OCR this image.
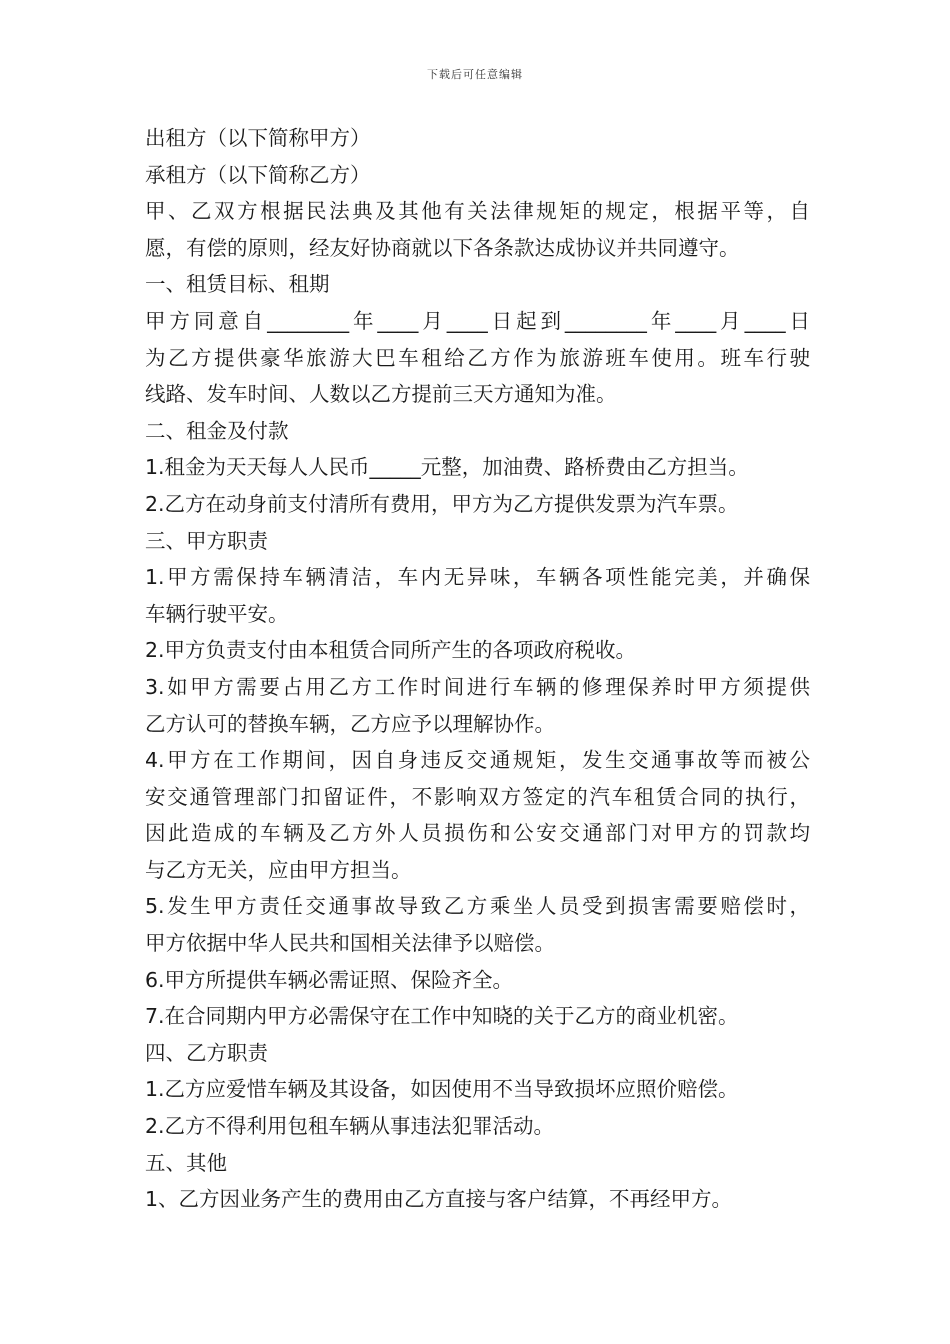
下载后可任意编辑
出租方（以下简称甲方）
承租方（以下简称乙方）
甲、乙双方根据民法典及其他有关法律规矩的规定，根据平等，自
愿，有偿的原则，经友好协商就以下各条款达成协议并共同遵守。
一、租赁目标、租期
甲方同意自________年____月____日起到________年____月____日
为乙方提供豪华旅游大巴车租给乙方作为旅游班车使用。班车行驶
线路、发车时间、人数以乙方提前三天方通知为准。
二、租金及付款
1.租金为天天每人人民币_____元整，加油费、路桥费由乙方担当。
2.乙方在动身前支付清所有费用，甲方为乙方提供发票为汽车票。
三、甲方职责
1.甲方需保持车辆清洁，车内无异味，车辆各项性能完美，并确保
车辆行驶平安。
2.甲方负责支付由本租赁合同所产生的各项政府税收。
3.如甲方需要占用乙方工作时间进行车辆的修理保养时甲方须提供
乙方认可的替换车辆，乙方应予以理解协作。
4.甲方在工作期间，因自身违反交通规矩，发生交通事故等而被公
安交通管理部门扣留证件，不影响双方签定的汽车租赁合同的执行，
因此造成的车辆及乙方外人员损伤和公安交通部门对甲方的罚款均
与乙方无关，应由甲方担当。
5.发生甲方责任交通事故导致乙方乘坐人员受到损害需要赔偿时，
甲方依据中华人民共和国相关法律予以赔偿。
6.甲方所提供车辆必需证照、保险齐全。
7.在合同期内甲方必需保守在工作中知晓的关于乙方的商业机密。
四、乙方职责
1.乙方应爱惜车辆及其设备，如因使用不当导致损坏应照价赔偿。
2.乙方不得利用包租车辆从事违法犯罪活动。
五、其他
1、乙方因业务产生的费用由乙方直接与客户结算，不再经甲方。
